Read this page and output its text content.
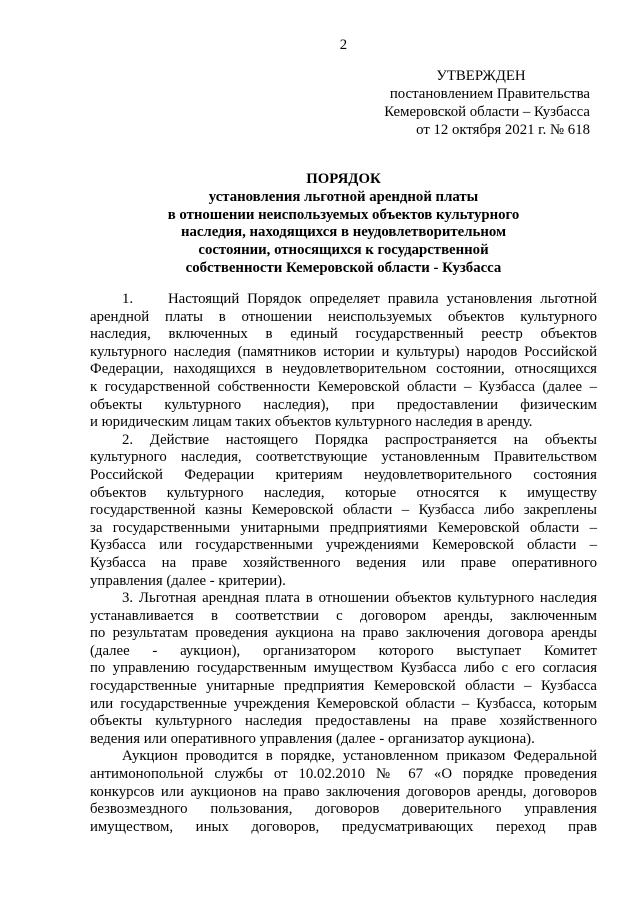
2
УТВЕРЖДЕН
постановлением Правительства
Кемеровской области – Кузбасса
от 12 октября 2021 г. № 618
ПОРЯДОК
установления льготной арендной платы
в отношении неиспользуемых объектов культурного
наследия, находящихся в неудовлетворительном
состоянии, относящихся к государственной
собственности Кемеровской области - Кузбасса
1.	Настоящий Порядок определяет правила установления льготной
арендной платы в отношении неиспользуемых объектов культурного
наследия, включенных в единый государственный реестр объектов
культурного наследия (памятников истории и культуры) народов Российской
Федерации, находящихся в неудовлетворительном состоянии, относящихся
к государственной собственности Кемеровской области – Кузбасса (далее –
объекты культурного наследия), при предоставлении физическим
и юридическим лицам таких объектов культурного наследия в аренду.
2. Действие настоящего Порядка распространяется на объекты
культурного наследия, соответствующие установленным Правительством
Российской Федерации критериям неудовлетворительного состояния
объектов культурного наследия, которые относятся к имуществу
государственной казны Кемеровской области – Кузбасса либо закреплены
за государственными унитарными предприятиями Кемеровской области –
Кузбасса или государственными учреждениями Кемеровской области –
Кузбасса на праве хозяйственного ведения или праве оперативного
управления (далее - критерии).
3. Льготная арендная плата в отношении объектов культурного наследия
устанавливается в соответствии с договором аренды, заключенным
по результатам проведения аукциона на право заключения договора аренды
(далее - аукцион), организатором которого выступает Комитет
по управлению государственным имуществом Кузбасса либо с его согласия
государственные унитарные предприятия Кемеровской области – Кузбасса
или государственные учреждения Кемеровской области – Кузбасса, которым
объекты культурного наследия предоставлены на праве хозяйственного
ведения или оперативного управления (далее - организатор аукциона).
Аукцион проводится в порядке, установленном приказом Федеральной
антимонопольной службы от 10.02.2010 № 67 «О порядке проведения
конкурсов или аукционов на право заключения договоров аренды, договоров
безвозмездного пользования, договоров доверительного управления
имуществом, иных договоров, предусматривающих переход прав
